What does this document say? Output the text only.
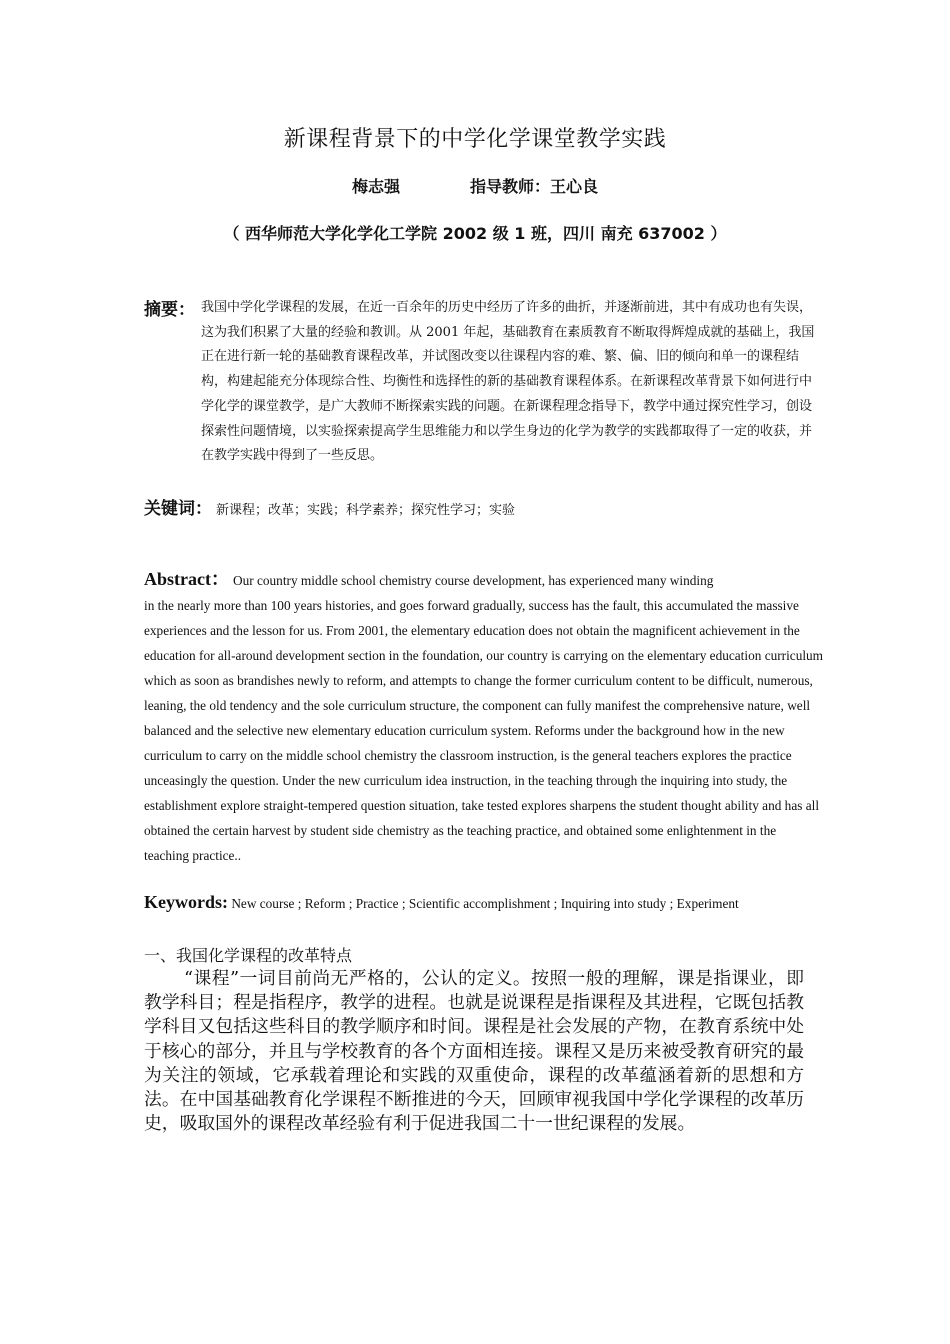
新课程背景下的中学化学课堂教学实践
梅志强	指导教师：王心良
（ 西华师范大学化学化工学院 2002 级 1 班，四川 南充 637002 ）
摘要： 我国中学化学课程的发展，在近一百余年的历史中经历了许多的曲折，并逐渐前进，其中有成功也有失误，这为我们积累了大量的经验和教训。从 2001 年起，基础教育在素质教育不断取得辉煌成就的基础上，我国正在进行新一轮的基础教育课程改革，并试图改变以往课程内容的难、繁、偏、旧的倾向和单一的课程结构，构建起能充分体现综合性、均衡性和选择性的新的基础教育课程体系。在新课程改革背景下如何进行中学化学的课堂教学，是广大教师不断探索实践的问题。在新课程理念指导下，教学中通过探究性学习，创设探索性问题情境，以实验探索提高学生思维能力和以学生身边的化学为教学的实践都取得了一定的收获，并在教学实践中得到了一些反思。
关键词： 新课程；改革；实践；科学素养；探究性学习；实验
Abstract： Our country middle school chemistry course development, has experienced many winding
in the nearly more than 100 years histories, and goes forward gradually, success has the fault, this accumulated the massive experiences and the lesson for us. From 2001, the elementary education does not obtain the magnificent achievement in the education for all-around development section in the foundation, our country is carrying on the elementary education curriculum which as soon as brandishes newly to reform, and attempts to change the former curriculum content to be difficult, numerous, leaning, the old tendency and the sole curriculum structure, the component can fully manifest the comprehensive nature, well balanced and the selective new elementary education curriculum system. Reforms under the background how in the new curriculum to carry on the middle school chemistry the classroom instruction, is the general teachers explores the practice unceasingly the question. Under the new curriculum idea instruction, in the teaching through the inquiring into study, the establishment explore straight-tempered question situation, take tested explores sharpens the student thought ability and has all obtained the certain harvest by student side chemistry as the teaching practice, and obtained some enlightenment in the teaching practice..
Keywords: New course ; Reform ; Practice ; Scientific accomplishment ; Inquiring into study ; Experiment
一、我国化学课程的改革特点
“课程”一词目前尚无严格的，公认的定义。按照一般的理解，课是指课业，即教学科目；程是指程序，教学的进程。也就是说课程是指课程及其进程，它既包括教学科目又包括这些科目的教学顺序和时间。课程是社会发展的产物，在教育系统中处于核心的部分，并且与学校教育的各个方面相连接。课程又是历来被受教育研究的最为关注的领域，它承载着理论和实践的双重使命，课程的改革蕴涵着新的思想和方法。在中国基础教育化学课程不断推进的今天，回顾审视我国中学化学课程的改革历史，吸取国外的课程改革经验有利于促进我国二十一世纪课程的发展。
